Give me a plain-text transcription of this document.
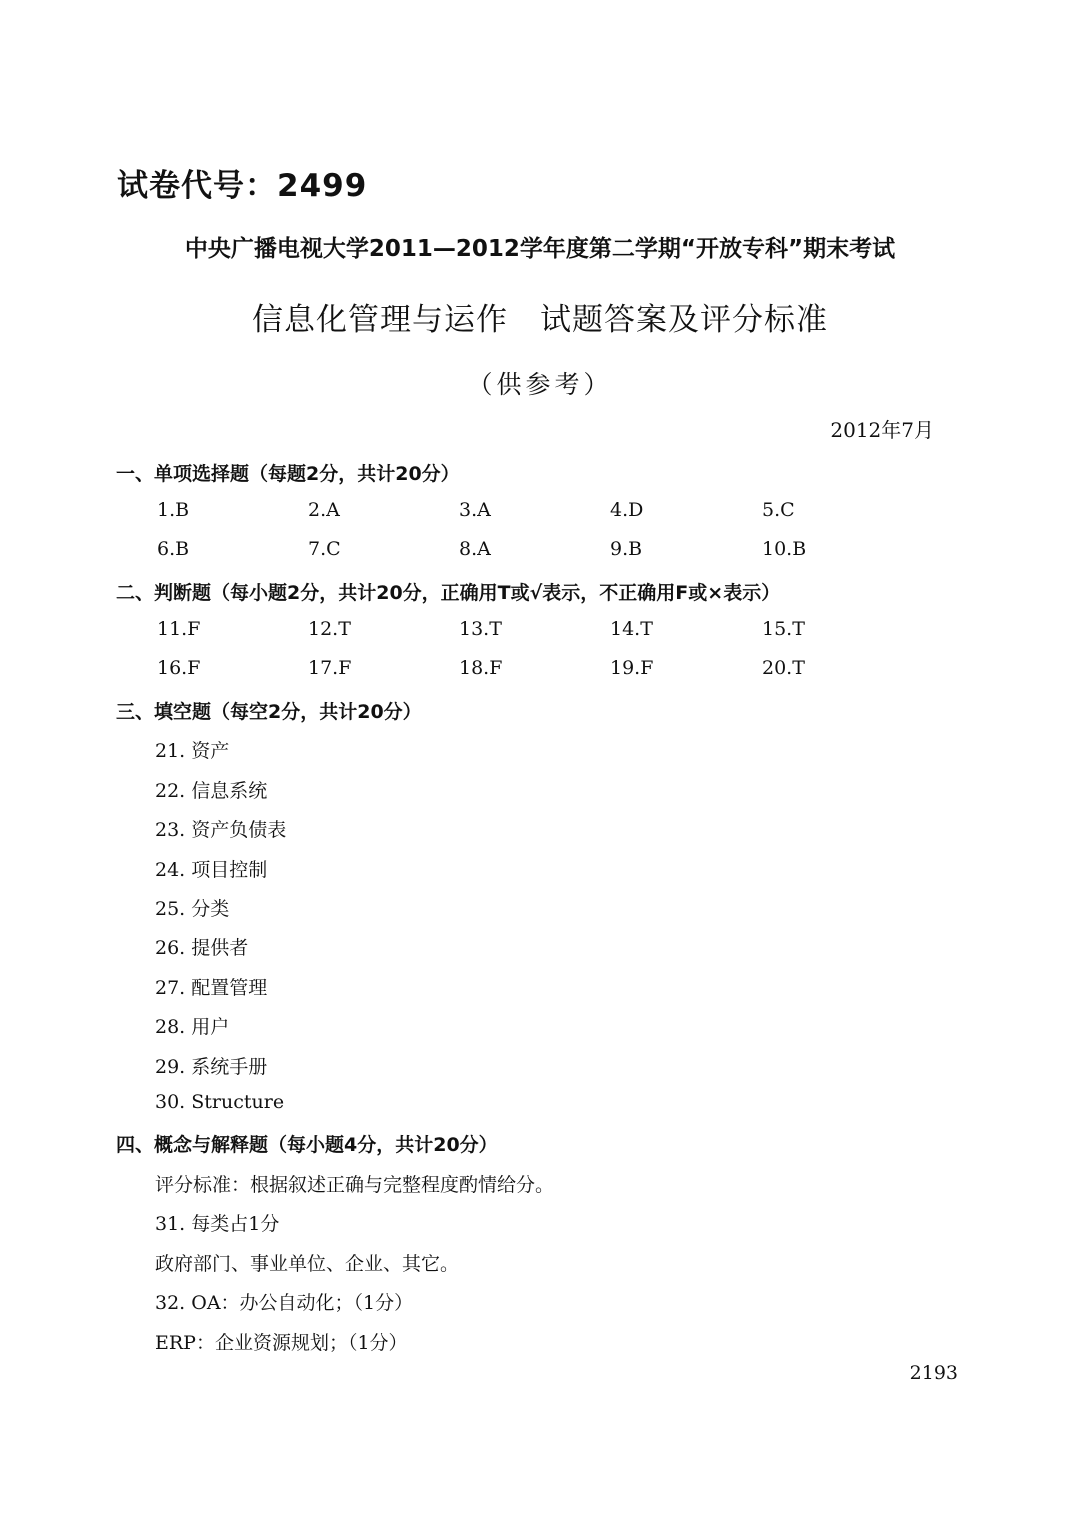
试卷代号：2499
中央广播电视大学2011—2012学年度第二学期“开放专科”期末考试
信息化管理与运作　试题答案及评分标准
（供参考）
2012年7月
一、单项选择题（每题2分，共计20分）
1.B	2.A	3.A	4.D	5.C
6.B	7.C	8.A	9.B	10.B
二、判断题（每小题2分，共计20分，正确用T或√表示，不正确用F或×表示）
11.F	12.T	13.T	14.T	15.T
16.F	17.F	18.F	19.F	20.T
三、填空题（每空2分，共计20分）
21. 资产
22. 信息系统
23. 资产负债表
24. 项目控制
25. 分类
26. 提供者
27. 配置管理
28. 用户
29. 系统手册
30. Structure
四、概念与解释题（每小题4分，共计20分）
评分标准：根据叙述正确与完整程度酌情给分。
31. 每类占1分
政府部门、事业单位、企业、其它。
32. OA：办公自动化；（1分）
ERP：企业资源规划；（1分）
2193
